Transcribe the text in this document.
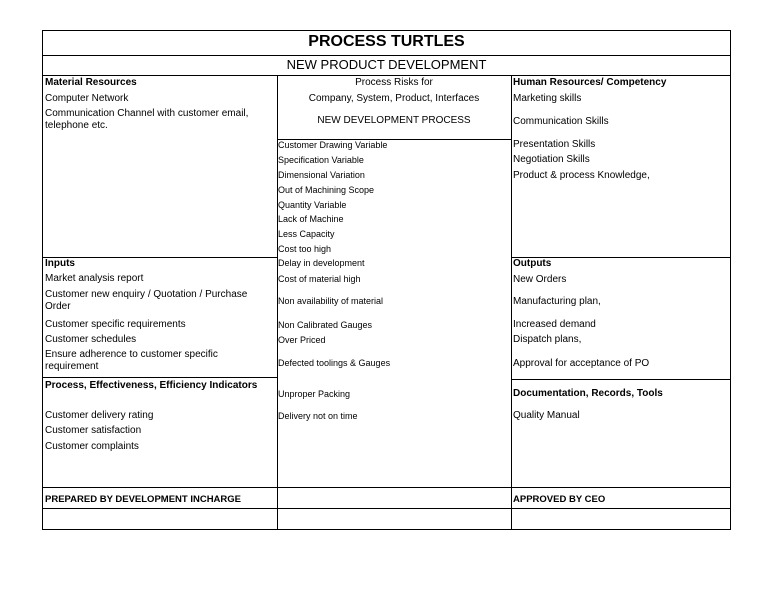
PROCESS TURTLES
NEW PRODUCT DEVELOPMENT
Material Resources
Computer Network
Communication Channel with customer email, telephone etc.
Process Risks for
Company, System, Product, Interfaces
NEW DEVELOPMENT PROCESS
Customer Drawing Variable
Specification Variable
Dimensional Variation
Out of Machining Scope
Quantity Variable
Lack of Machine
Less Capacity
Cost too high
Delay in development
Cost of material high
Non availability of material
Non Calibrated Gauges
Over Priced
Defected toolings & Gauges
Unproper Packing
Delivery not on time
Human Resources/ Competency
Marketing skills
Communication Skills
Presentation Skills
Negotiation Skills
Product & process Knowledge,
Inputs
Market analysis report
Customer new enquiry / Quotation / Purchase Order
Customer specific requirements
Customer schedules
Ensure adherence to customer specific requirement
Outputs
New Orders
Manufacturing plan,
Increased demand
Dispatch plans,
Approval for acceptance of PO
Process, Effectiveness, Efficiency Indicators
Customer delivery rating
Customer satisfaction
Customer complaints
Documentation, Records, Tools
Quality Manual
PREPARED BY DEVELOPMENT INCHARGE	APPROVED BY CEO
